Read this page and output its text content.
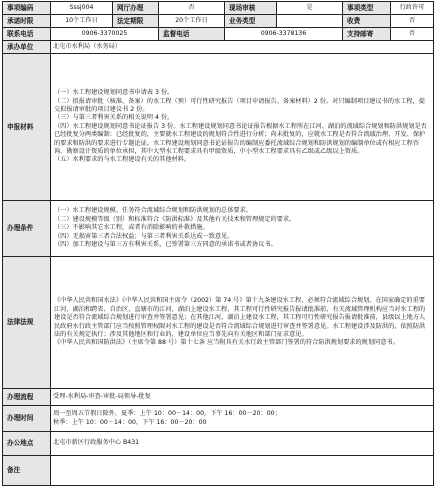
事项编码	Sssj004	网厅办理	否	现场审核	是	事项类型	行政许可
承诺时限	10个工作日	法定期限	20个工作日	业务类型		收费	否
联系电话	0906-3370025		监督电话	0906-3378136		支持邮寄	否
承办单位	北屯市水利局（水务局）						
申报材料	（一）水工程建设规划同意书申请表 3 份。

（二）拟报请审批（核准、备案）的水工程（预）可行性研究报告（项目申请报告、备案材料）2 份。对只编制项目建议书的水工程，提交拟报请审批的项目建议书 2 份。

（三）与第三者利害关系的相关说明 4 份。

（四）水工程建设规划同意书论证报告 3 份。水工程建设规划同意书论证报告根据水工程所在江河、湖泊的流域综合规划和防洪规划是否已经批复分两类编制：已经批复的，主要就水工程建设的规划符合性进行分析；尚未批复的，应就水工程是否符合流域治理、开发、保护的要求和防洪的要求进行专题论证。水工程建设规划同意书论证报告的编制应委托流域综合规划和防洪规划的编制单位或有相应工程咨询、勘察设计资质的单位承担，其中大型水工程要求具有甲级资质，中小型水工程要求具有乙级或乙级以上资质。

（五）水利要求的与水工程建设有关的其他材料。						

办理条件	（一）水工程建设规模、任务符合流域综合规划和防洪规划的总体要求。

（二）建设规模等级（别）和标准符合《防洪标准》及其他有关技术和管理规定的要求。

（三）不影响其它水工程，或者有消除影响的补救措施。

（四）无损害第三者合法权益；与第三者利害关系达成一致意见。

（四）加工程建设与第三方有利害关系，已签署第三方同意的承诺书或者协议书。						

法律法规	《中华人民共和国水法》《中华人民共和国主席令（2002）第 74 号》第十九条建设水工程，必须符合流域综合规划。在国家确定的重要江河、湖泊和跨省、自治区、直辖市的江河、湖泊上建设水工程，其工程可行性研究报告报请批准前，有关流域管理机构应当对水工程的建设是否符合流域综合规划进行审查并签署意见；在其他江河、湖泊上建设水工程，其工程可行性研究报告报请批准前，县级以上地方人民政府水行政主管部门应当按照管理权限对水工程的建设是否符合流域综合规划进行审查并签署意见。水工程建设涉及防洪的，依照防洪法的有关规定执行；涉及其他地区和行业的，建设单位应当事先向有关地区和部门征求意见。

《中华人民共和国防洪法》（主席令第 88 号）第十七条 应当附具有关水行政主管部门签署的符合防洪规划要求的规划同意书。						

办理流程	受理-水利局-审查-审批-局领导-批复						
办理时间	周一至周五节假日除外，夏季：上午 10：00－14：00，下午 16：00－20：00；

秋季：上午 10：00－14：00，下午 16：00－20：00						

办公地点	北屯市新区行政服务中心 B431						
备注							
